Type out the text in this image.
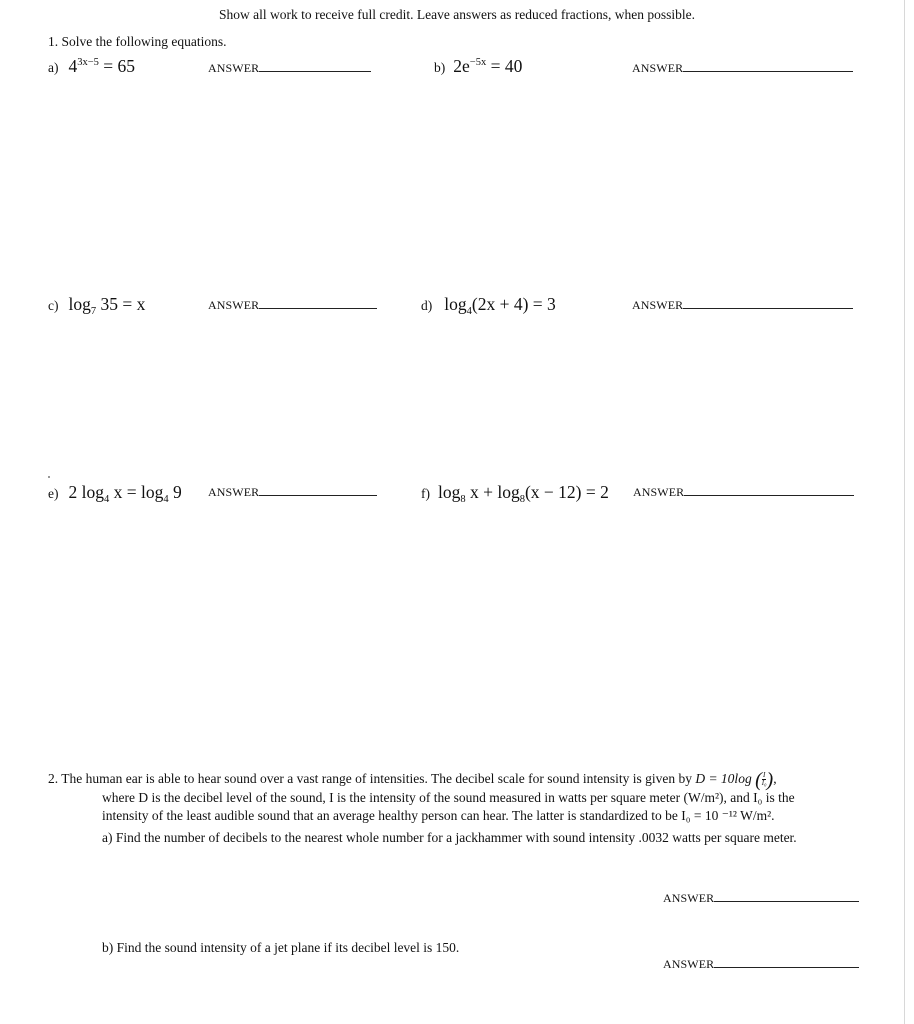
Show all work to receive full credit. Leave answers as reduced fractions, when possible.
1. Solve the following equations.
a) $4^{3x-5} = 65$	ANSWER	b) $2e^{-5x} = 40$	ANSWER
c) $\log_7 35 = x$	ANSWER	d) $\log_4(2x + 4) = 3$	ANSWER
e) 2 $\log_4 x = \log_4 9$ ANSWER	f) $\log_8 x + \log_8(x - 12) = 2$ ANSWER
2. The human ear is able to hear sound over a vast range of intensities. The decibel scale for sound intensity is given by D = 10log ( $\frac{I}{\text{I₀}}$ ),
where D is the decibel level of the sound, I is the intensity of the sound measured in watts per square meter (W/m²), and I₀ is the
intensity of the least audible sound that an average healthy person can hear. The latter is standardized to be I₀ = 10 ⁻¹² W/m².
a) Find the number of decibels to the nearest whole number for a jackhammer with sound intensity .0032 watts per square meter.
ANSWER
b) Find the sound intensity of a jet plane if its decibel level is 150.
ANSWER
